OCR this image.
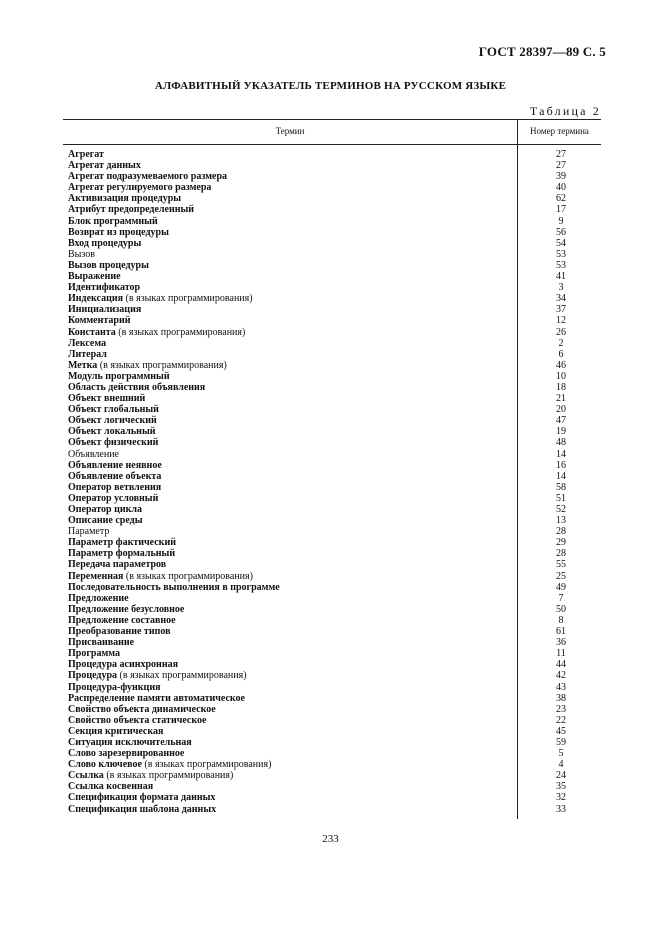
ГОСТ 28397—89 С. 5
АЛФАВИТНЫЙ УКАЗАТЕЛЬ ТЕРМИНОВ НА РУССКОМ ЯЗЫКЕ
Таблица 2
Термин	Номер термина
Агрегат	27
Агрегат данных	27
Агрегат подразумеваемого размера	39
Агрегат регулируемого размера	40
Активизация процедуры	62
Атрибут предопределенный	17
Блок программный	9
Возврат из процедуры	56
Вход процедуры	54
Вызов	53
Вызов процедуры	53
Выражение	41
Идентификатор	3
Индексация (в языках программирования)	34
Инициализация	37
Комментарий	12
Константа (в языках программирования)	26
Лексема	2
Литерал	6
Метка (в языках программирования)	46
Модуль программный	10
Область действия объявления	18
Объект внешний	21
Объект глобальный	20
Объект логический	47
Объект локальный	19
Объект физический	48
Объявление	14
Объявление неявное	16
Объявление объекта	14
Оператор ветвления	58
Оператор условный	51
Оператор цикла	52
Описание среды	13
Параметр	28
Параметр фактический	29
Параметр формальный	28
Передача параметров	55
Переменная (в языках программирования)	25
Последовательность выполнения в программе	49
Предложение	7
Предложение безусловное	50
Предложение составное	8
Преобразование типов	61
Присваивание	36
Программа	11
Процедура асинхронная	44
Процедура (в языках программирования)	42
Процедура-функция	43
Распределение памяти автоматическое	38
Свойство объекта динамическое	23
Свойство объекта статическое	22
Секция критическая	45
Ситуация исключительная	59
Слово зарезервированное	5
Слово ключевое (в языках программирования)	4
Ссылка (в языках программирования)	24
Ссылка косвенная	35
Спецификация формата данных	32
Спецификация шаблона данных	33
233
